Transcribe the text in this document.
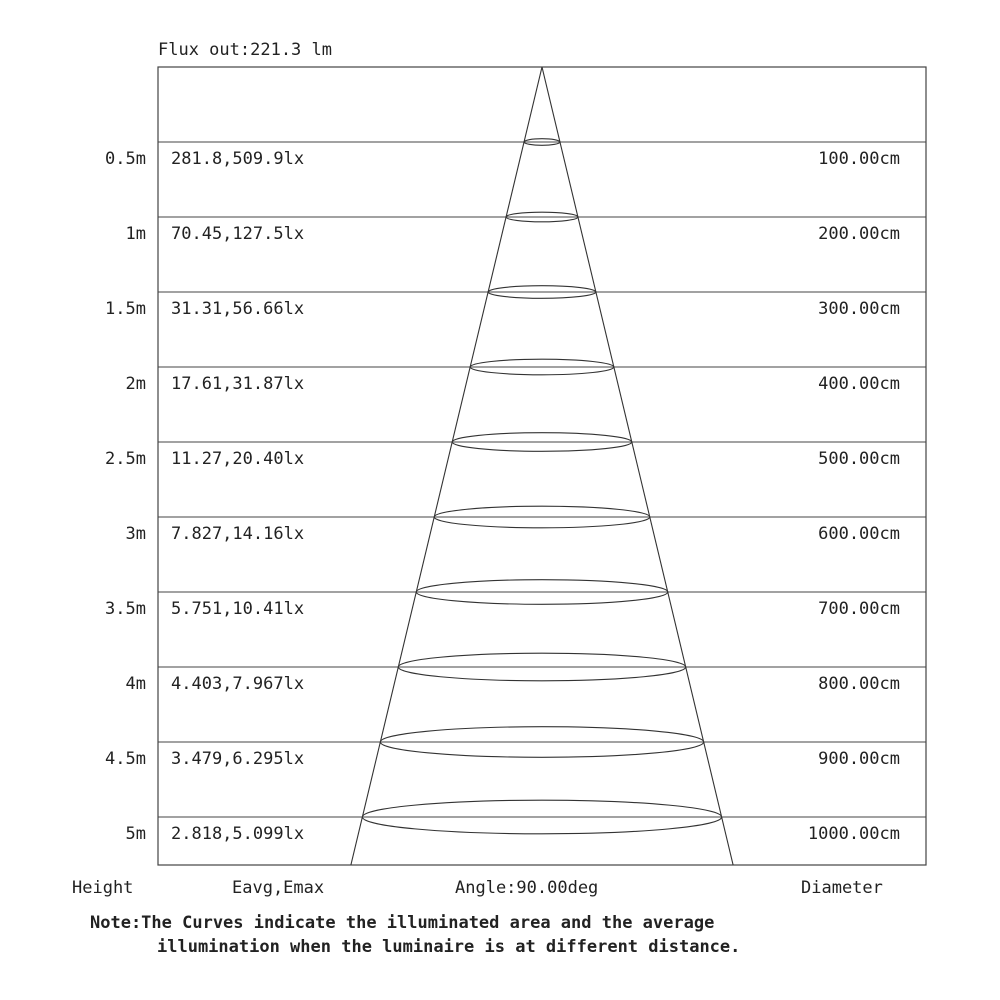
Flux out:221.3 lm
0.5m 281.8,509.9lx	100.00cm
1m 70.45,127.5lx	200.00cm
1.5m 31.31,56.66lx	300.00cm
2m 17.61,31.87lx	400.00cm
2.5m 11.27,20.40lx	500.00cm
3m 7.827,14.16lx	600.00cm
3.5m 5.751,10.41lx	700.00cm
4m 4.403,7.967lx	800.00cm
4.5m 3.479,6.295lx	900.00cm
5m 2.818,5.099lx	1000.00cm
Height	Eavg,Emax	Angle:90.00deg	Diameter
Note:The Curves indicate the illuminated area and the average
illumination when the luminaire is at different distance.
